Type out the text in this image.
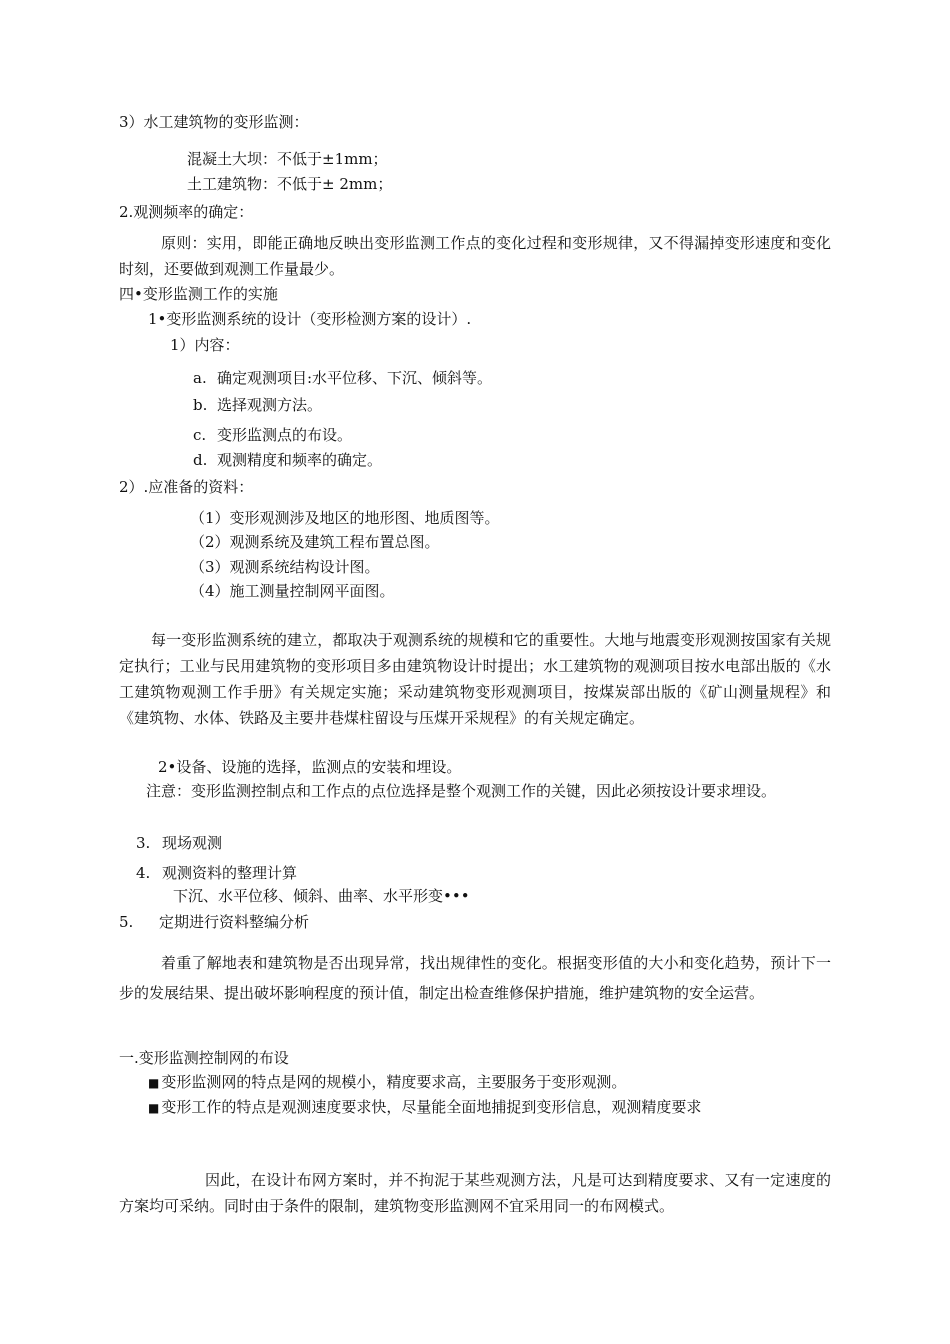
3）水工建筑物的变形监测：
混凝土大坝：不低于±1mm；
土工建筑物：不低于± 2mm；
2.观测频率的确定：
原则：实用，即能正确地反映出变形监测工作点的变化过程和变形规律，又不得漏掉变形速度和变化时刻，还要做到观测工作量最少。
四•变形监测工作的实施
1•变形监测系统的设计（变形检测方案的设计）.
1）内容：
a. 确定观测项目:水平位移、下沉、倾斜等。
b. 选择观测方法。
c. 变形监测点的布设。
d. 观测精度和频率的确定。
2）.应准备的资料：
（1）变形观测涉及地区的地形图、地质图等。
（2）观测系统及建筑工程布置总图。
（3）观测系统结构设计图。
（4）施工测量控制网平面图。
每一变形监测系统的建立，都取决于观测系统的规模和它的重要性。大地与地震变形观测按国家有关规定执行；工业与民用建筑物的变形项目多由建筑物设计时提出；水工建筑物的观测项目按水电部出版的《水工建筑物观测工作手册》有关规定实施；采动建筑物变形观测项目，按煤炭部出版的《矿山测量规程》和《建筑物、水体、铁路及主要井巷煤柱留设与压煤开采规程》的有关规定确定。
2•设备、设施的选择，监测点的安装和埋设。
注意：变形监测控制点和工作点的点位选择是整个观测工作的关键，因此必须按设计要求埋设。
3. 现场观测
4. 观测资料的整理计算
下沉、水平位移、倾斜、曲率、水平形变•••
5. 定期进行资料整编分析
着重了解地表和建筑物是否出现异常，找出规律性的变化。根据变形值的大小和变化趋势，预计下一步的发展结果、提出破坏影响程度的预计值，制定出检查维修保护措施，维护建筑物的安全运营。
一.变形监测控制网的布设
■ 变形监测网的特点是网的规模小，精度要求高，主要服务于变形观测。
■ 变形工作的特点是观测速度要求快，尽量能全面地捕捉到变形信息，观测精度要求
因此，在设计布网方案时，并不拘泥于某些观测方法，凡是可达到精度要求、又有一定速度的方案均可采纳。同时由于条件的限制，建筑物变形监测网不宜采用同一的布网模式。
